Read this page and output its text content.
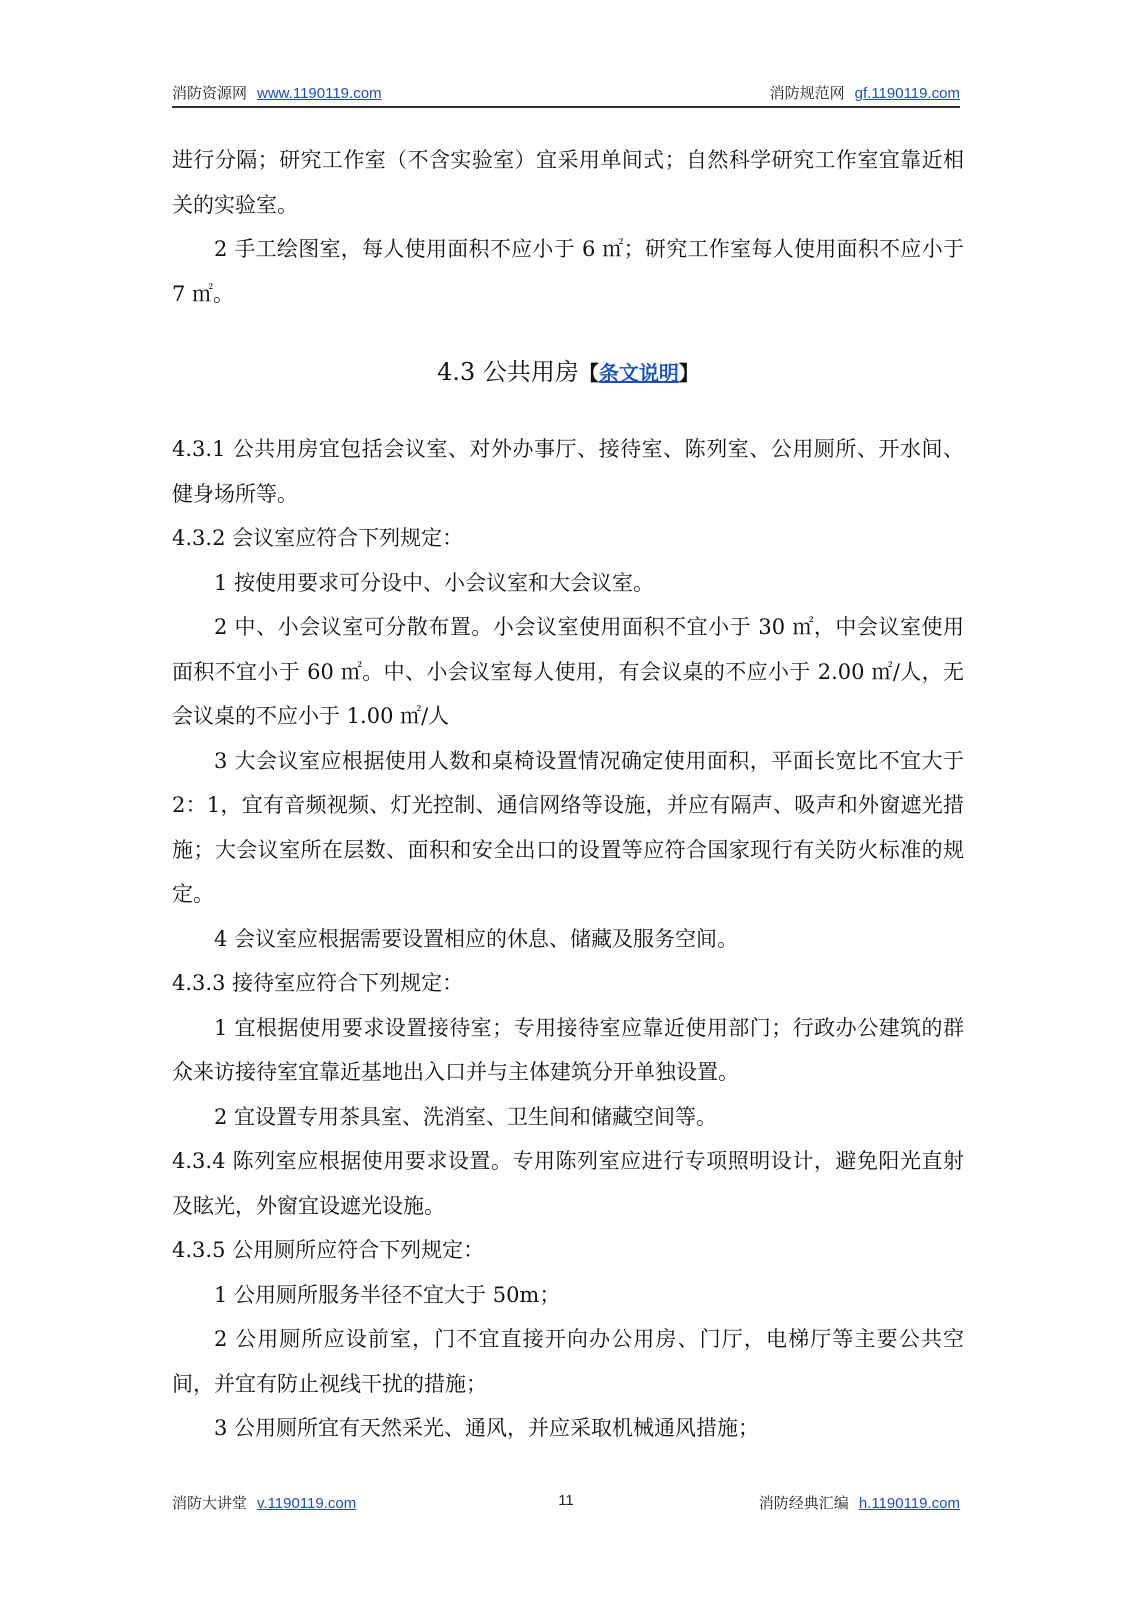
消防资源网 www.1190119.com	消防规范网 gf.1190119.com

进行分隔；研究工作室（不含实验室）宜采用单间式；自然科学研究工作室宜靠近相关的实验室。

2 手工绘图室，每人使用面积不应小于 6 ㎡；研究工作室每人使用面积不应小于 7 ㎡。

4.3 公共用房【条文说明】

4.3.1 公共用房宜包括会议室、对外办事厅、接待室、陈列室、公用厕所、开水间、健身场所等。

4.3.2 会议室应符合下列规定：

1 按使用要求可分设中、小会议室和大会议室。

2 中、小会议室可分散布置。小会议室使用面积不宜小于 30 ㎡，中会议室使用面积不宜小于 60 ㎡。中、小会议室每人使用，有会议桌的不应小于 2.00 ㎡/人，无会议桌的不应小于 1.00 ㎡/人

3 大会议室应根据使用人数和桌椅设置情况确定使用面积，平面长宽比不宜大于 2：1，宜有音频视频、灯光控制、通信网络等设施，并应有隔声、吸声和外窗遮光措施；大会议室所在层数、面积和安全出口的设置等应符合国家现行有关防火标准的规定。

4 会议室应根据需要设置相应的休息、储藏及服务空间。

4.3.3 接待室应符合下列规定：

1 宜根据使用要求设置接待室；专用接待室应靠近使用部门；行政办公建筑的群众来访接待室宜靠近基地出入口并与主体建筑分开单独设置。

2 宜设置专用茶具室、洗消室、卫生间和储藏空间等。

4.3.4 陈列室应根据使用要求设置。专用陈列室应进行专项照明设计，避免阳光直射及眩光，外窗宜设遮光设施。

4.3.5 公用厕所应符合下列规定：

1 公用厕所服务半径不宜大于 50m；

2 公用厕所应设前室，门不宜直接开向办公用房、门厅，电梯厅等主要公共空间，并宜有防止视线干扰的措施；

3 公用厕所宜有天然采光、通风，并应采取机械通风措施；

消防大讲堂 v.1190119.com	11	消防经典汇编 h.1190119.com
